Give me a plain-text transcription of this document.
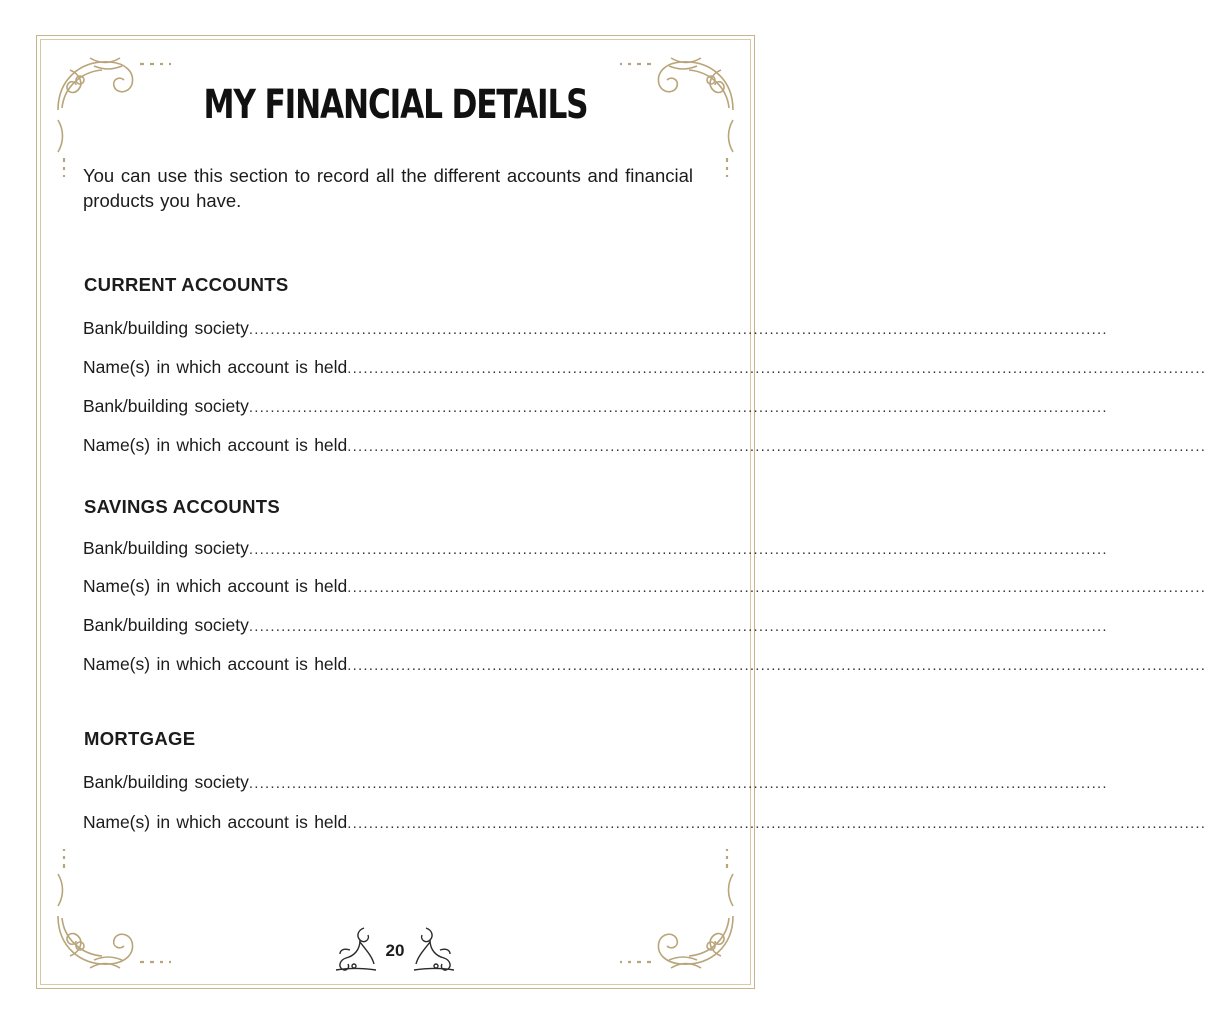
MY FINANCIAL DETAILS

You can use this section to record all the different accounts and financial products you have.

CURRENT ACCOUNTS
Bank/building society ................................................................................................................................................................
Name(s) in which account is held ................................................................................................................................................................
Bank/building society ................................................................................................................................................................
Name(s) in which account is held ................................................................................................................................................................
SAVINGS ACCOUNTS
Bank/building society ................................................................................................................................................................
Name(s) in which account is held ................................................................................................................................................................
Bank/building society ................................................................................................................................................................
Name(s) in which account is held ................................................................................................................................................................
MORTGAGE
Bank/building society ................................................................................................................................................................
Name(s) in which account is held ................................................................................................................................................................
20
